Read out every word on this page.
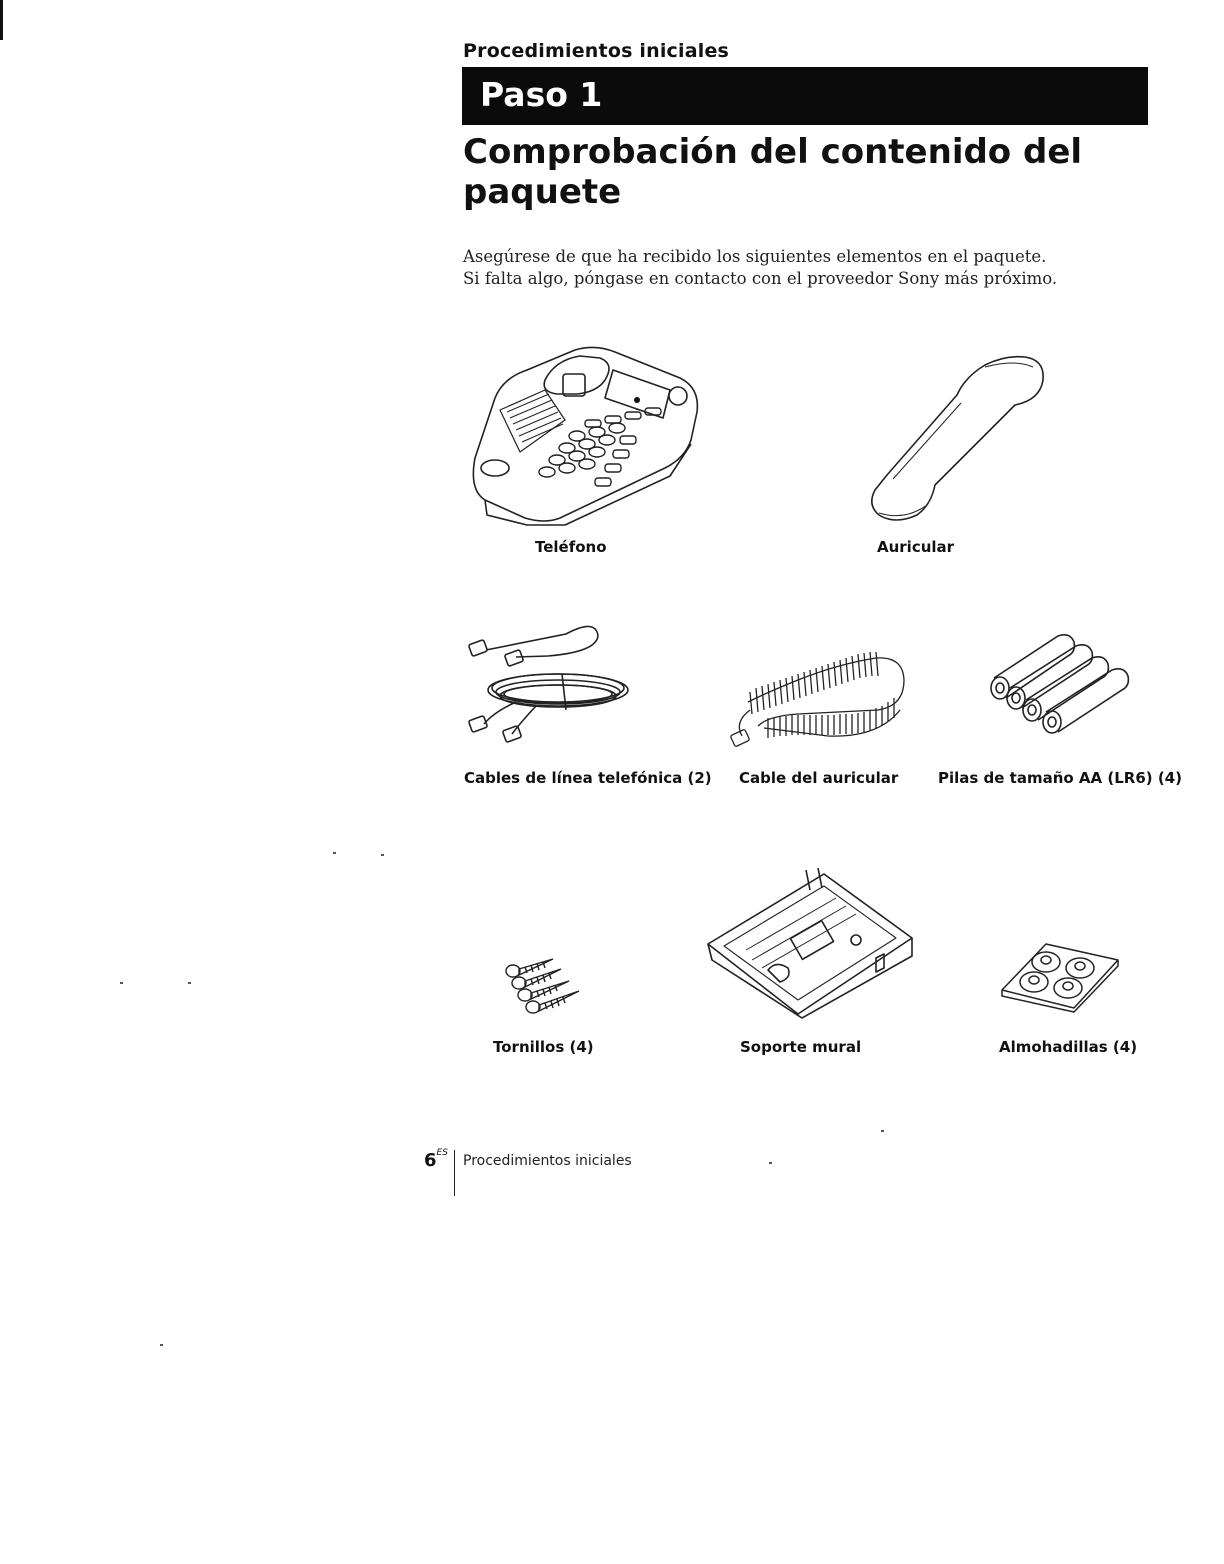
Procedimientos iniciales
Paso 1
Comprobación del contenido del paquete

Asegúrese de que ha recibido los siguientes elementos en el paquete. Si falta algo, póngase en contacto con el proveedor Sony más próximo.

Teléfono	Auricular
Cables de línea telefónica (2) Cable del auricular	Pilas de tamaño AA (LR6) (4)
Tornillos (4)	Soporte mural	Almohadillas (4)
$6^{ES}$ Procedimientos iniciales
